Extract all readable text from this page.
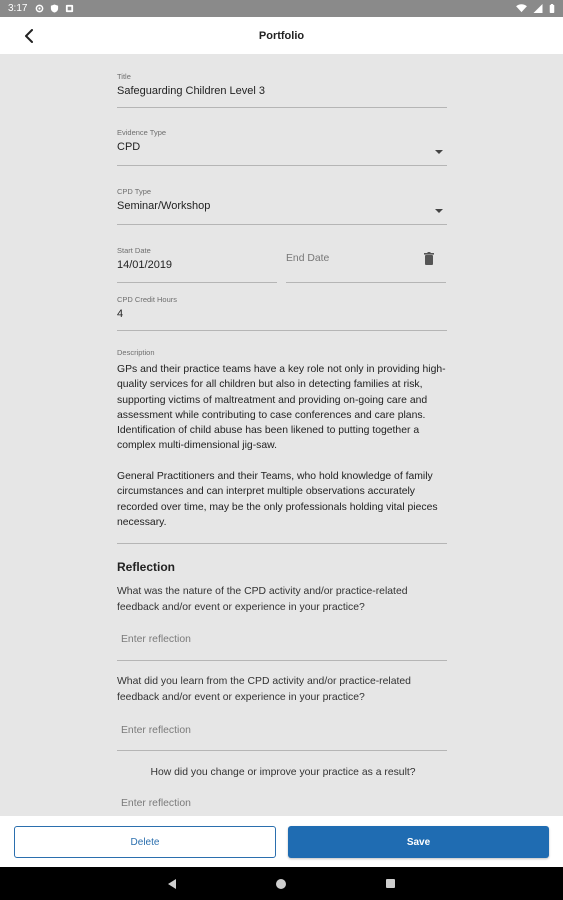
3:17
Portfolio
Title
Safeguarding Children Level 3
Evidence Type
CPD
CPD Type
Seminar/Workshop
Start Date
14/01/2019
End Date
CPD Credit Hours
4
Description
GPs and their practice teams have a key role not only in providing high-quality services for all children but also in detecting families at risk, supporting victims of maltreatment and providing on-going care and assessment while contributing to case conferences and care plans. Identification of child abuse has been likened to putting together a complex multi-dimensional jig-saw.

General Practitioners and their Teams, who hold knowledge of family circumstances and can interpret multiple observations accurately recorded over time, may be the only professionals holding vital pieces necessary.
Reflection
What was the nature of the CPD activity and/or practice-related feedback and/or event or experience in your practice?
Enter reflection
What did you learn from the CPD activity and/or practice-related feedback and/or event or experience in your practice?
Enter reflection
How did you change or improve your practice as a result?
Enter reflection
Delete	Save
